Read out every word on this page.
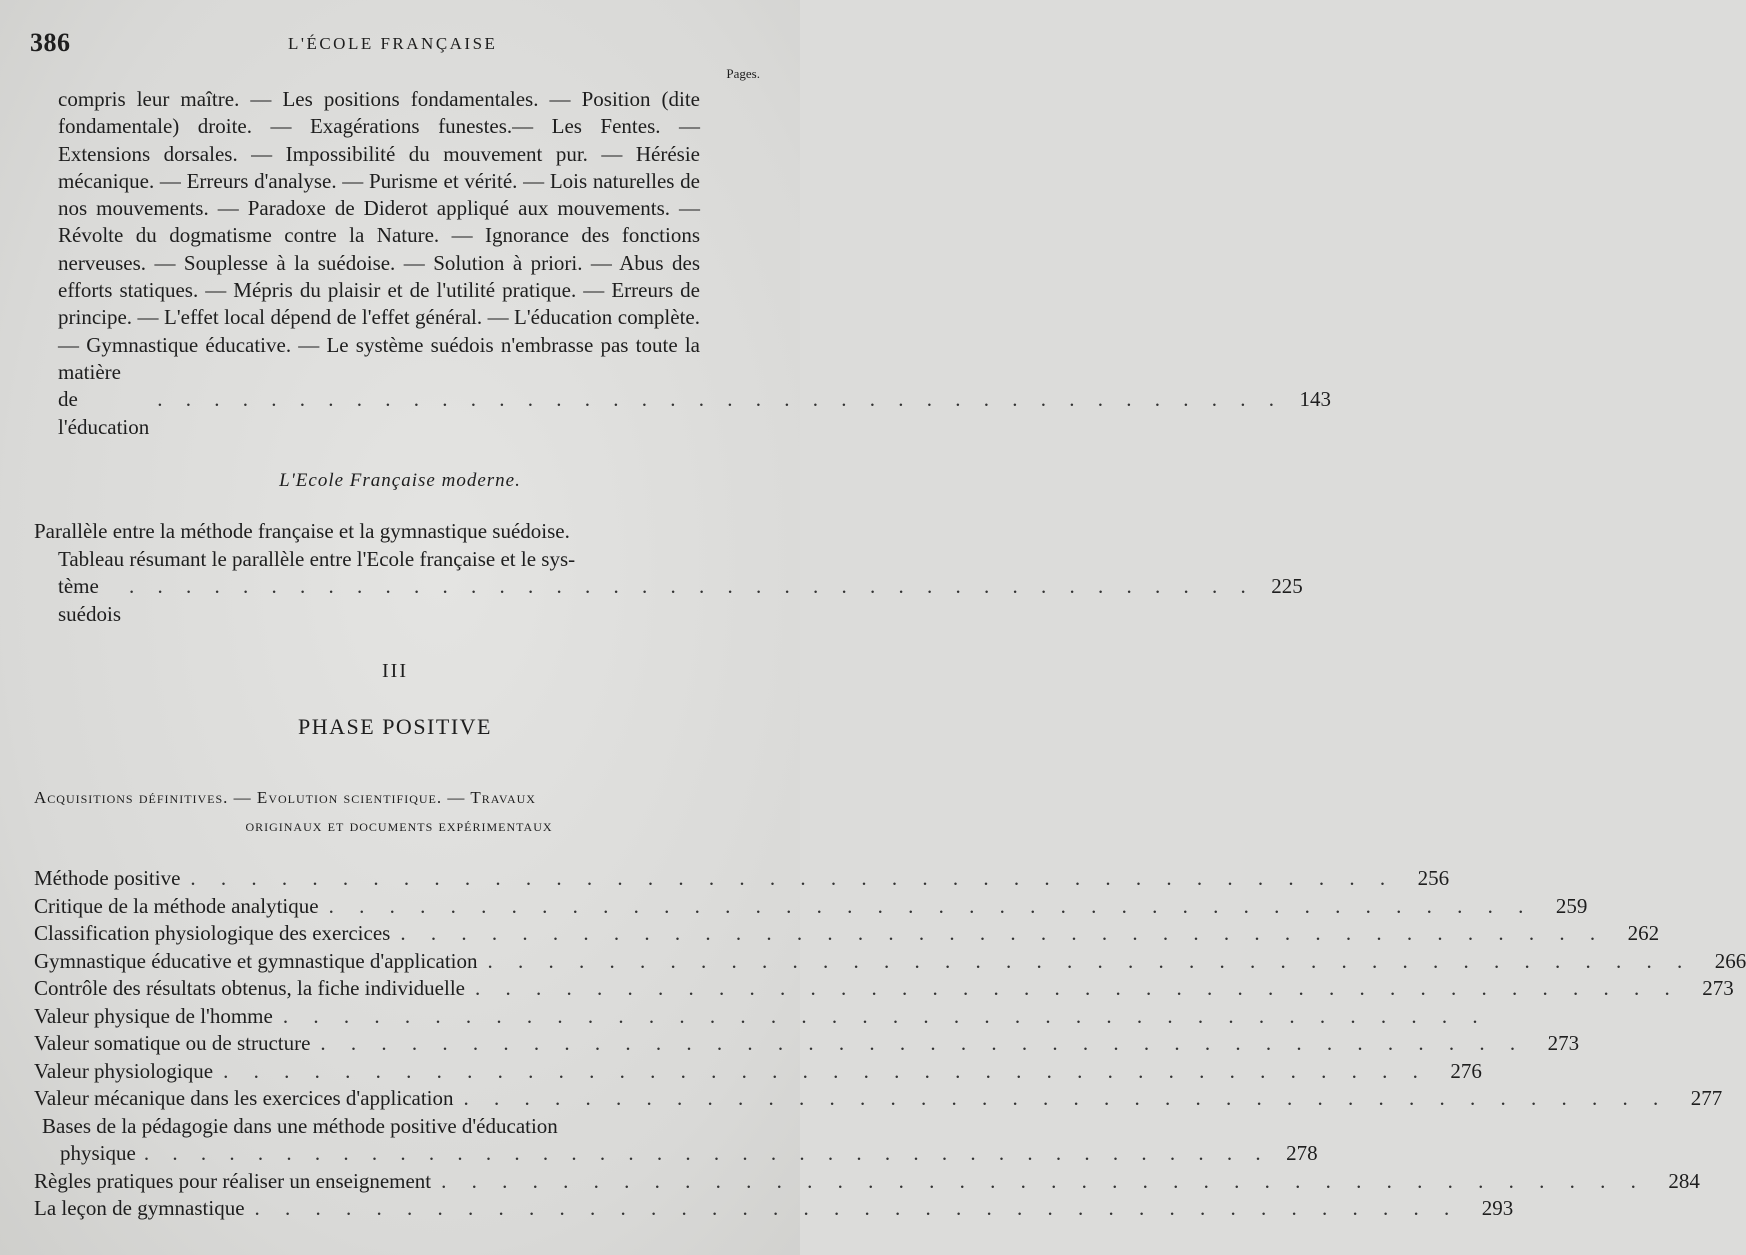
386	L'ÉCOLE FRANÇAISE
Pages.
compris leur maître. — Les positions fondamentales. — Position (dite fondamentale) droite. — Exagérations funestes.— Les Fentes. — Extensions dorsales. — Impossibilité du mouvement pur. — Hérésie mécanique. — Erreurs d'analyse. — Purisme et vérité. — Lois naturelles de nos mouvements. — Paradoxe de Diderot appliqué aux mouvements. — Révolte du dogmatisme contre la Nature. — Ignorance des fonctions nerveuses. — Souplesse à la suédoise. — Solution à priori. — Abus des efforts statiques. — Mépris du plaisir et de l'utilité pratique. — Erreurs de principe. — L'effet local dépend de l'effet général. — L'éducation complète. — Gymnastique éducative. — Le système suédois n'embrasse pas toute la matière
de l'éducation
. . . . . . . . . . . . . . . . . . . . . . . . . . . . . . . . . . . . . . . . 143
L'Ecole Française moderne.
Parallèle entre la méthode française et la gymnastique suédoise.
Tableau résumant le parallèle entre l'Ecole française et le sys-
tème suédois
. . . . . . . . . . . . . . . . . . . . . . . . . . . . . . . . . . . . . . . . 225
III
PHASE POSITIVE
Acquisitions définitives. — Evolution scientifique. — Travaux
originaux et documents expérimentaux
Méthode positive . . . . . . . . . . . . . . . . . . . . . . . . . . . . . . . . . . . . . . . .	256
Critique de la méthode analytique . . . . . . . . . . . . . . . . . . . . . . . . . . . . . . . . . . . . . . . .	259
Classification physiologique des exercices . . . . . . . . . . . . . . . . . . . . . . . . . . . . . . . . . . . . . . . .	262
Gymnastique éducative et gymnastique d'application . . . . . . . . . . . . . . . . . . . . . . . . . . . . . . . . . . . . . . . .	266
Contrôle des résultats obtenus, la fiche individuelle . . . . . . . . . . . . . . . . . . . . . . . . . . . . . . . . . . . . . . . .	273
Valeur physique de l'homme . . . . . . . . . . . . . . . . . . . . . . . . . . . . . . . . . . . . . . . .
Valeur somatique ou de structure . . . . . . . . . . . . . . . . . . . . . . . . . . . . . . . . . . . . . . . .	273
Valeur physiologique . . . . . . . . . . . . . . . . . . . . . . . . . . . . . . . . . . . . . . . .	276
Valeur mécanique dans les exercices d'application . . . . . . . . . . . . . . . . . . . . . . . . . . . . . . . . . . . . . . . .	277
Bases de la pédagogie dans une méthode positive d'éducation
physique . . . . . . . . . . . . . . . . . . . . . . . . . . . . . . . . . . . . . . . . 278
Règles pratiques pour réaliser un enseignement . . . . . . . . . . . . . . . . . . . . . . . . . . . . . . . . . . . . . . . .	284
La leçon de gymnastique . . . . . . . . . . . . . . . . . . . . . . . . . . . . . . . . . . . . . . . .	293
